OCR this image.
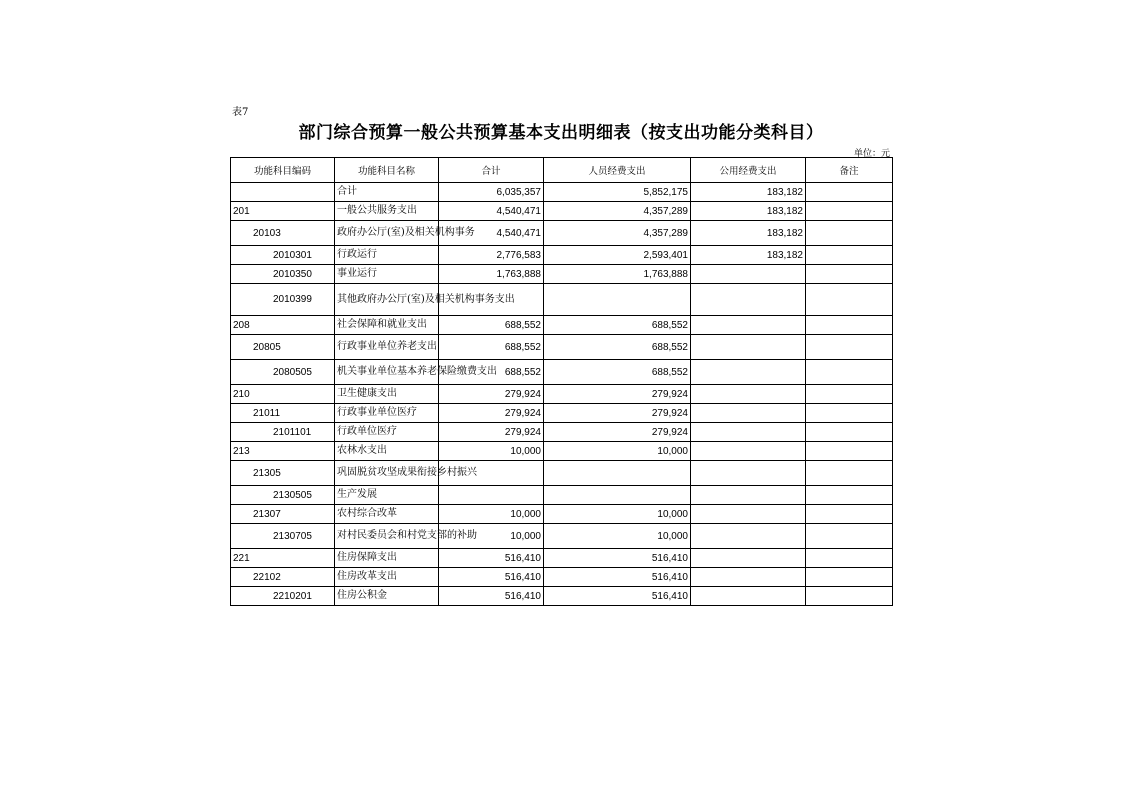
表7
部门综合预算一般公共预算基本支出明细表（按支出功能分类科目）
单位：元
功能科目编码	功能科目名称	合计	人员经费支出	公用经费支出	备注
	合计	6,035,357	5,852,175	183,182	
201	一般公共服务支出	4,540,471	4,357,289	183,182	
20103	政府办公厅(室)及相关机构事务	4,540,471	4,357,289	183,182	
2010301	行政运行	2,776,583	2,593,401	183,182	
2010350	事业运行	1,763,888	1,763,888		
2010399	其他政府办公厅(室)及相关机构事务支出				
208	社会保障和就业支出	688,552	688,552		
20805	行政事业单位养老支出	688,552	688,552		
2080505	机关事业单位基本养老保险缴费支出	688,552	688,552		
210	卫生健康支出	279,924	279,924		
21011	行政事业单位医疗	279,924	279,924		
2101101	行政单位医疗	279,924	279,924		
213	农林水支出	10,000	10,000		
21305	巩固脱贫攻坚成果衔接乡村振兴				
2130505	生产发展				
21307	农村综合改革	10,000	10,000		
2130705	对村民委员会和村党支部的补助	10,000	10,000		
221	住房保障支出	516,410	516,410		
22102	住房改革支出	516,410	516,410		
2210201	住房公积金	516,410	516,410		
